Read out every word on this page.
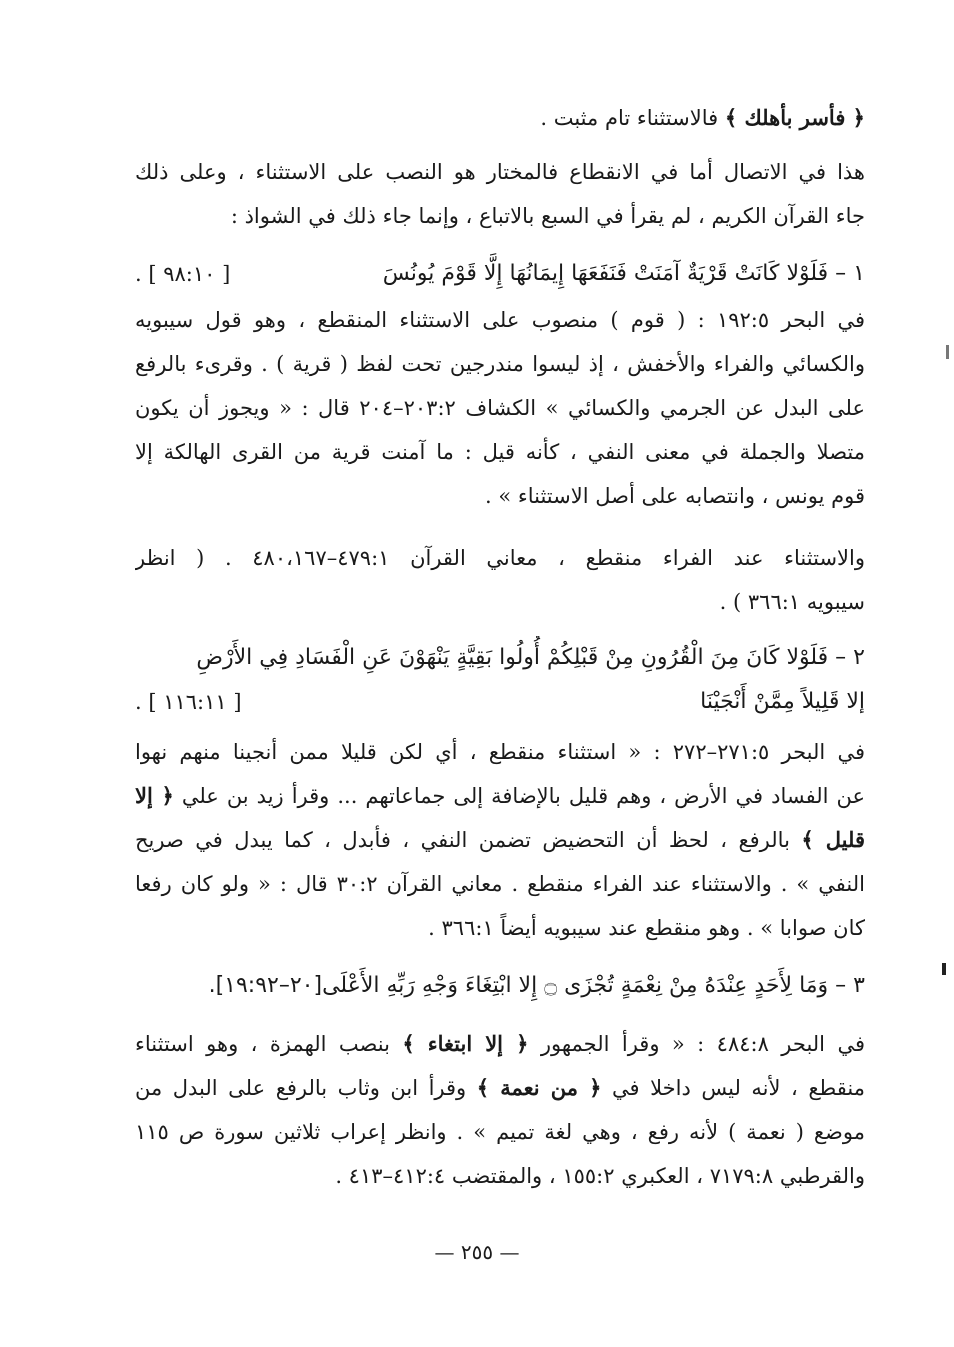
﴿ فأسر بأهلك ﴾ فالاستثناء تام مثبت .
هذا في الاتصال أما في الانقطاع فالمختار هو النصب على الاستثناء ، وعلى ذلك
جاء القرآن الكريم ، لم يقرأ في السبع بالاتباع ، وإنما جاء ذلك في الشواذ :
١ – فَلَوْلا كَانَتْ قَرْيَةٌ آمَنَتْ فَنَفَعَهَا إِيمَانُهَا إِلَّا قَوْمَ يُونُسَ
[ ٩٨:١٠ ] .
في البحر ١٩٢:٥ : ( قوم ) منصوب على الاستثناء المنقطع ، وهو قول سيبويه
والكسائي والفراء والأخفش ، إذ ليسوا مندرجين تحت لفظ ( قرية ) . وقرىء بالرفع
على البدل عن الجرمي والكسائي » الكشاف ٢٠٣:٢–٢٠٤ قال : « ويجوز أن يكون
متصلا والجملة في معنى النفي ، كأنه قيل : ما آمنت قرية من القرى الهالكة إلا
قوم يونس ، وانتصابه على أصل الاستثناء » .
والاستثناء عند الفراء منقطع ، معاني القرآن ٤٧٩:١–٤٨٠،١٦٧ . ( انظر
سيبويه ٣٦٦:١ ) .
٢ – فَلَوْلا كَانَ مِنَ الْقُرُونِ مِنْ قَبْلِكُمْ أُولُوا بَقِيَّةٍ يَنْهَوْنَ عَنِ الْفَسَادِ فِي الأَرْضِ
إلا قَلِيلاً مِمَّنْ أَنْجَيْنَا
[ ١١٦:١١ ] .
في البحر ٢٧١:٥–٢٧٢ : « استثناء منقطع ، أي لكن قليلا ممن أنجينا منهم نهوا
عن الفساد في الأرض ، وهم قليل بالإضافة إلى جماعاتهم ... وقرأ زيد بن علي ﴿ إلا
قليل ﴾ بالرفع ، لحظ أن التحضيض تضمن النفي ، فأبدل ، كما يبدل في صريح
النفي » . والاستثناء عند الفراء منقطع . معاني القرآن ٣٠:٢ قال : « ولو كان رفعا
كان صوابا » . وهو منقطع عند سيبويه أيضاً ٣٦٦:١ .
٣ – وَمَا لِأَحَدٍ عِنْدَهُ مِنْ نِعْمَةٍ تُجْزَى ۝ إِلا ابْتِغَاءَ وَجْهِ رَبِّهِ الأَعْلَى[٢٠–١٩:٩٢].
في البحر ٤٨٤:٨ : « وقرأ الجمهور ﴿ إلا ابتغاء ﴾ بنصب الهمزة ، وهو استثناء
منقطع ، لأنه ليس داخلا في ﴿ من نعمة ﴾ وقرأ ابن وثاب بالرفع على البدل من
موضع ( نعمة ) لأنه رفع ، وهي لغة تميم » . وانظر إعراب ثلاثين سورة ص ١١٥
والقرطبي ٧١٧٩:٨ ، العكبري ١٥٥:٢ ، والمقتضب ٤١٢:٤–٤١٣ .
— ٢٥٥ —
